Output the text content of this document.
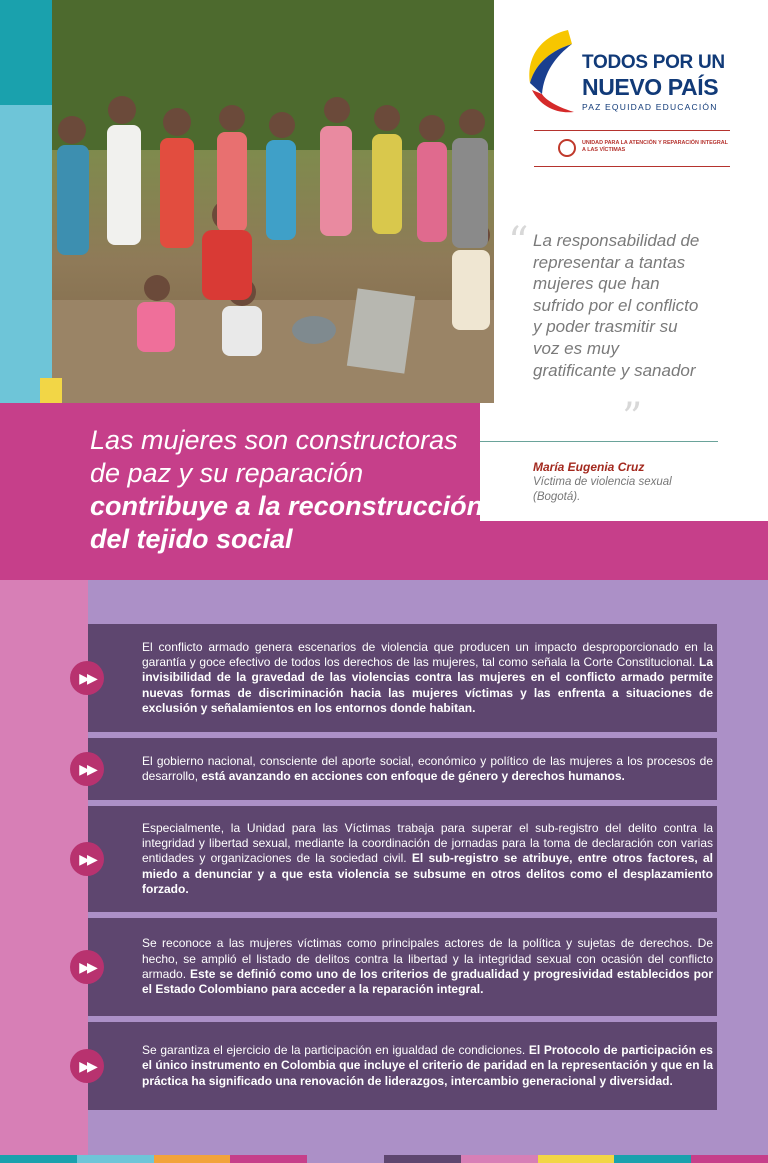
TODOS POR UN
NUEVO PAÍS
PAZ EQUIDAD EDUCACIÓN
UNIDAD PARA LA ATENCIÓN Y REPARACIÓN INTEGRAL A LAS VÍCTIMAS
“ La responsabilidad de representar a tantas mujeres que han sufrido por el conflicto y poder trasmitir su voz es muy gratificante y sanador
”
María Eugenia Cruz
Víctima de violencia sexual (Bogotá).
Las mujeres son constructoras de paz y su reparación
contribuye a la reconstrucción del tejido social

El conflicto armado genera escenarios de violencia que producen un impacto desproporcionado en la garantía y goce efectivo de todos los derechos de las mujeres, tal como señala la Corte Constitucional. La invisibilidad de la gravedad de las violencias contra las mujeres en el conflicto armado permite nuevas formas de discriminación hacia las mujeres víctimas y las enfrenta a situaciones de exclusión y señalamientos en los entornos donde habitan.

▶▶

El gobierno nacional, consciente del aporte social, económico y político de las mujeres a los procesos de desarrollo, está avanzando en acciones con enfoque de género y derechos humanos.

▶▶

Especialmente, la Unidad para las Víctimas trabaja para superar el sub-registro del delito contra la integridad y libertad sexual, mediante la coordinación de jornadas para la toma de declaración con varias entidades y organizaciones de la sociedad civil. El sub-registro se atribuye, entre otros factores, al miedo a denunciar y a que esta violencia se subsume en otros delitos como el desplazamiento forzado.

▶▶

Se reconoce a las mujeres víctimas como principales actores de la política y sujetas de derechos. De hecho, se amplió el listado de delitos contra la libertad y la integridad sexual con ocasión del conflicto armado. Este se definió como uno de los criterios de gradualidad y progresividad establecidos por el Estado Colombiano para acceder a la reparación integral.

▶▶

Se garantiza el ejercicio de la participación en igualdad de condiciones. El Protocolo de participación es el único instrumento en Colombia que incluye el criterio de paridad en la representación y que en la práctica ha significado una renovación de liderazgos, intercambio generacional y diversidad.

▶▶
